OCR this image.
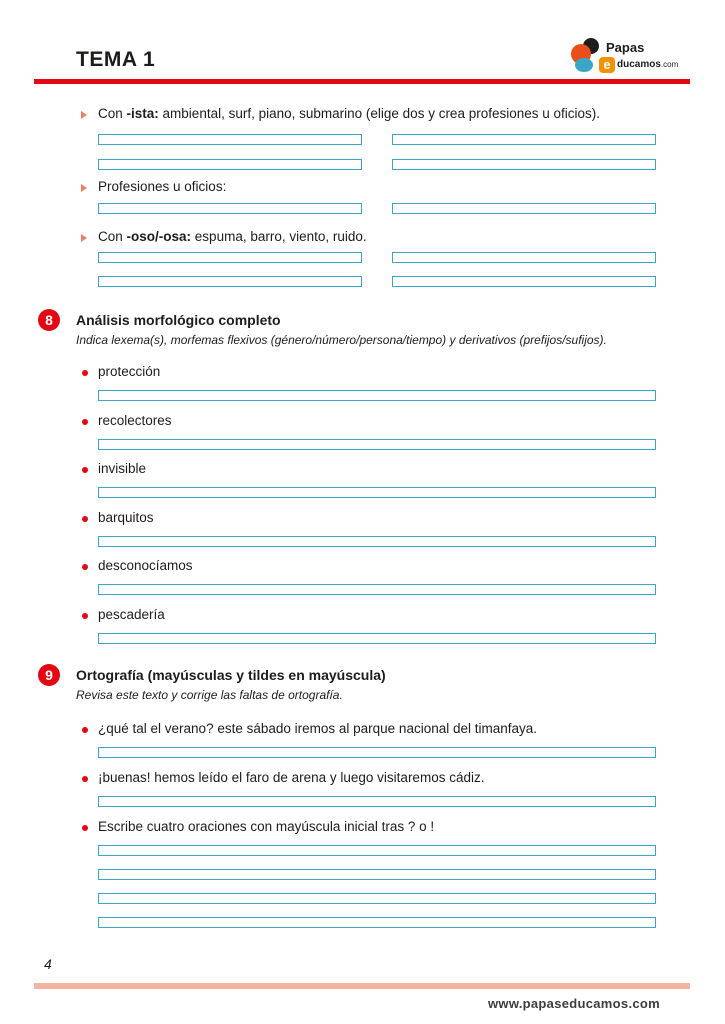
TEMA 1
Papas
e ducamos.com
Con -ista: ambiental, surf, piano, submarino (elige dos y crea profesiones u oficios).
Profesiones u oficios:
Con -oso/-osa: espuma, barro, viento, ruido.
8	Análisis morfológico completo
Indica lexema(s), morfemas flexivos (género/número/persona/tiempo) y derivativos (prefijos/sufijos).
protección
recolectores
invisible
barquitos
desconocíamos
pescadería
9	Ortografía (mayúsculas y tildes en mayúscula)
Revisa este texto y corrige las faltas de ortografía.
¿qué tal el verano? este sábado iremos al parque nacional del timanfaya.
¡buenas! hemos leído el faro de arena y luego visitaremos cádiz.
Escribe cuatro oraciones con mayúscula inicial tras ? o !
4
www.papaseducamos.com
